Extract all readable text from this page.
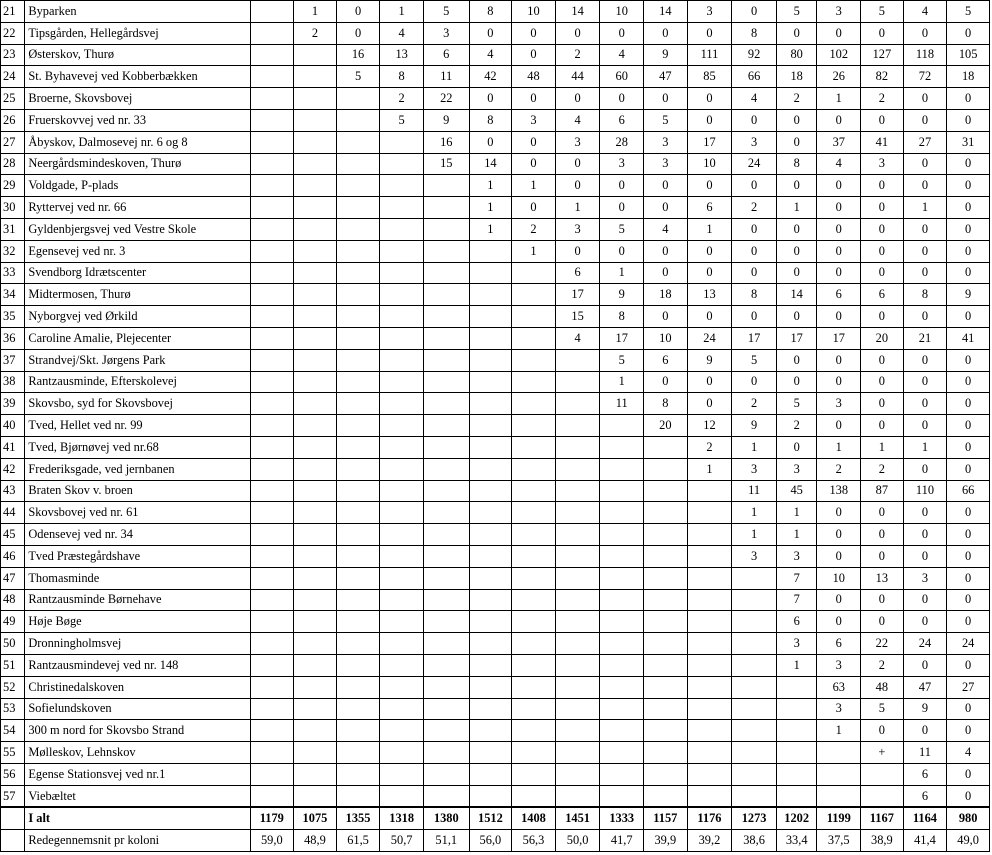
21	Byparken		1	0	1	5	8	10	14	10	14	3	0	5	3	5	4	5
22	Tipsgården, Hellegårdsvej		2	0	4	3	0	0	0	0	0	0	8	0	0	0	0	0
23	Østerskov, Thurø			16	13	6	4	0	2	4	9	111	92	80	102	127	118	105
24	St. Byhavevej ved Kobberbækken			5	8	11	42	48	44	60	47	85	66	18	26	82	72	18
25	Broerne, Skovsbovej				2	22	0	0	0	0	0	0	4	2	1	2	0	0
26	Fruerskovvej ved nr. 33				5	9	8	3	4	6	5	0	0	0	0	0	0	0
27	Åbyskov, Dalmosevej nr. 6 og 8					16	0	0	3	28	3	17	3	0	37	41	27	31
28	Neergårdsmindeskoven, Thurø					15	14	0	0	3	3	10	24	8	4	3	0	0
29	Voldgade, P-plads						1	1	0	0	0	0	0	0	0	0	0	0
30	Ryttervej ved nr. 66						1	0	1	0	0	6	2	1	0	0	1	0
31	Gyldenbjergsvej ved Vestre Skole						1	2	3	5	4	1	0	0	0	0	0	0
32	Egensevej ved nr. 3							1	0	0	0	0	0	0	0	0	0	0
33	Svendborg Idrætscenter								6	1	0	0	0	0	0	0	0	0
34	Midtermosen, Thurø								17	9	18	13	8	14	6	6	8	9
35	Nyborgvej ved Ørkild								15	8	0	0	0	0	0	0	0	0
36	Caroline Amalie, Plejecenter								4	17	10	24	17	17	17	20	21	41
37	Strandvej/Skt. Jørgens Park									5	6	9	5	0	0	0	0	0
38	Rantzausminde, Efterskolevej									1	0	0	0	0	0	0	0	0
39	Skovsbo, syd for Skovsbovej									11	8	0	2	5	3	0	0	0
40	Tved, Hellet ved nr. 99										20	12	9	2	0	0	0	0
41	Tved, Bjørnøvej ved nr.68											2	1	0	1	1	1	0
42	Frederiksgade, ved jernbanen											1	3	3	2	2	0	0
43	Braten Skov v. broen												11	45	138	87	110	66
44	Skovsbovej ved nr. 61												1	1	0	0	0	0
45	Odensevej ved nr. 34												1	1	0	0	0	0
46	Tved Præstegårdshave												3	3	0	0	0	0
47	Thomasminde													7	10	13	3	0
48	Rantzausminde Børnehave													7	0	0	0	0
49	Høje Bøge													6	0	0	0	0
50	Dronningholmsvej													3	6	22	24	24
51	Rantzausmindevej ved nr. 148													1	3	2	0	0
52	Christinedalskoven														63	48	47	27
53	Sofielundskoven														3	5	9	0
54	300 m nord for Skovsbo Strand														1	0	0	0
55	Mølleskov, Lehnskov															+	11	4
56	Egense Stationsvej ved nr.1																6	0
57	Viebæltet																6	0
	I alt	1179	1075	1355	1318	1380	1512	1408	1451	1333	1157	1176	1273	1202	1199	1167	1164	980
	Redegennemsnit pr koloni	59,0	48,9	61,5	50,7	51,1	56,0	56,3	50,0	41,7	39,9	39,2	38,6	33,4	37,5	38,9	41,4	49,0
